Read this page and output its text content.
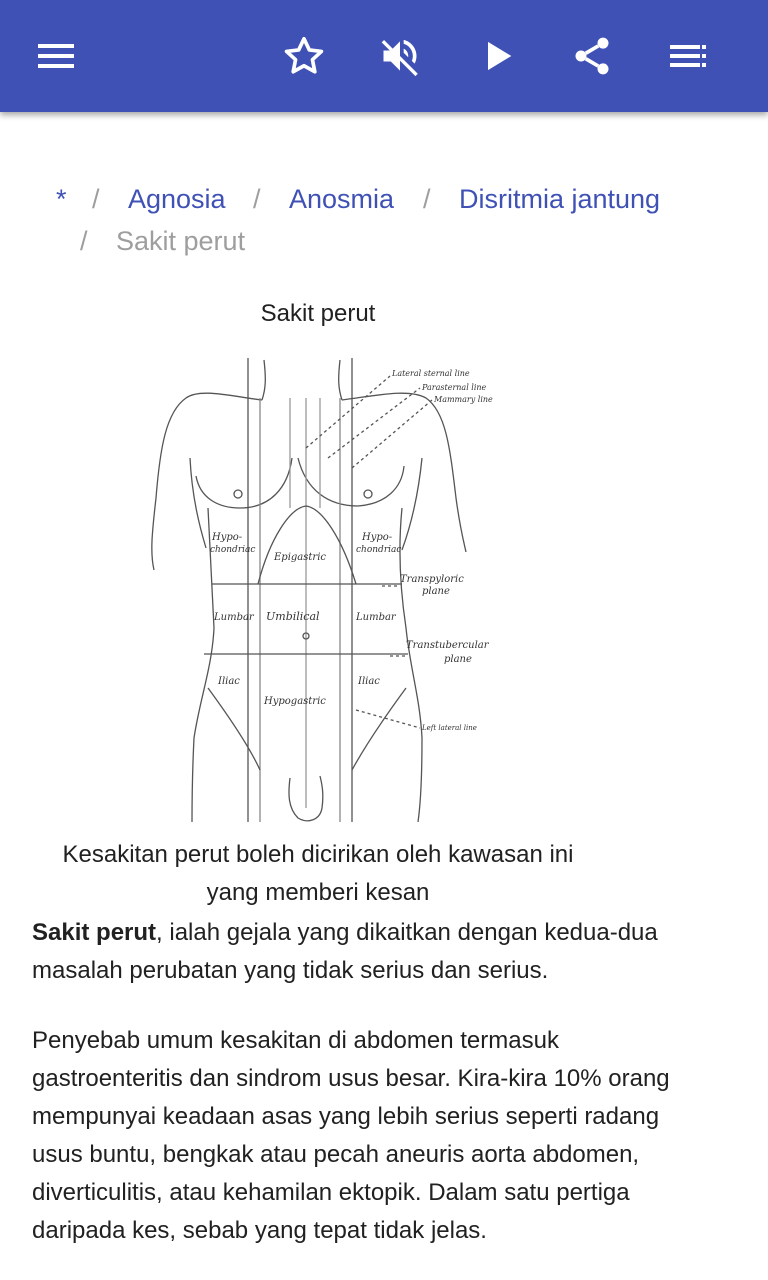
* / Agnosia / Anosmia / Disritmia jantung
/ Sakit perut
Sakit perut
Lateral sternal line
Parasternal line
Mammary line
Hypo-
chondriac
Epigastric
Hypo-
chondriac
Transpyloric
plane
Lumbar Umbilical	Lumbar
Transtubercular
plane
Iliac	Iliac
Hypogastric
Left lateral line
Kesakitan perut boleh dicirikan oleh kawasan ini
yang memberi kesan
Sakit perut, ialah gejala yang dikaitkan dengan kedua-dua
masalah perubatan yang tidak serius dan serius.
Penyebab umum kesakitan di abdomen termasuk
gastroenteritis dan sindrom usus besar. Kira-kira 10% orang
mempunyai keadaan asas yang lebih serius seperti radang
usus buntu, bengkak atau pecah aneuris aorta abdomen,
diverticulitis, atau kehamilan ektopik. Dalam satu pertiga
daripada kes, sebab yang tepat tidak jelas.
